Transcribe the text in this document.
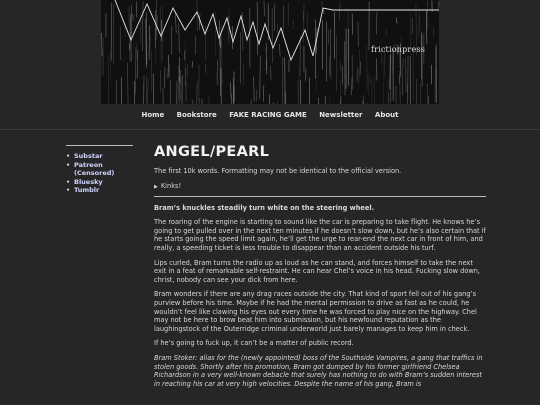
frictionpress
Home Bookstore FAKE RACING GAME Newsletter About
• Substar
• Patreon (Censored)
• Bluesky
• Tumblr
ANGEL/PEARL

The first 10k words. Formatting may not be identical to the official version.

▶ Kinks!

Bram’s knuckles steadily turn white on the steering wheel.

The roaring of the engine is starting to sound like the car is preparing to take flight. He knows he’s going to get pulled over in the next ten minutes if he doesn’t slow down, but he’s also certain that if he starts going the speed limit again, he’ll get the urge to rear-end the next car in front of him, and really, a speeding ticket is less trouble to disappear than an accident outside his turf.

Lips curled, Bram turns the radio up as loud as he can stand, and forces himself to take the next exit in a feat of remarkable self-restraint. He can hear Chel’s voice in his head. Fucking slow down, christ, nobody can see your dick from here.

Bram wonders if there are any drag races outside the city. That kind of sport fell out of his gang’s purview before his time. Maybe if he had the mental permission to drive as fast as he could, he wouldn’t feel like clawing his eyes out every time he was forced to play nice on the highway. Chel may not be here to brow beat him into submission, but his newfound reputation as the laughingstock of the Outerridge criminal underworld just barely manages to keep him in check.

If he’s going to fuck up, it can’t be a matter of public record.

Bram Stoker: alias for the (newly appointed) boss of the Southside Vampires, a gang that traffics in stolen goods. Shortly after his promotion, Bram got dumped by his former girlfriend Chelsea Richardson in a very well-known debacle that surely has nothing to do with Bram’s sudden interest in reaching his car at very high velocities. Despite the name of his gang, Bram is
